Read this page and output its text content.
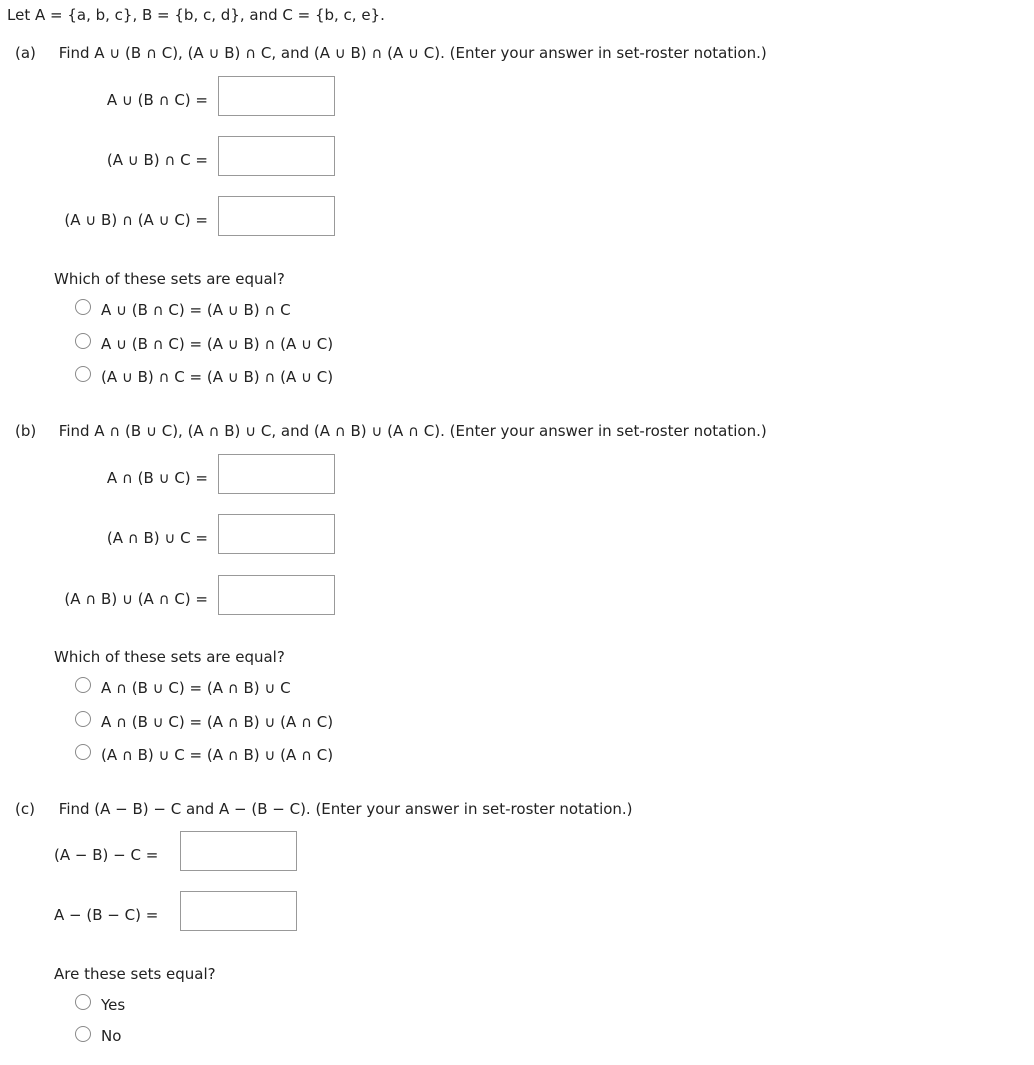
Let A = {a, b, c}, B = {b, c, d}, and C = {b, c, e}.
(a) Find A ∪ (B ∩ C), (A ∪ B) ∩ C, and (A ∪ B) ∩ (A ∪ C). (Enter your answer in set-roster notation.)
A ∪ (B ∩ C) =
(A ∪ B) ∩ C =
(A ∪ B) ∩ (A ∪ C) =
Which of these sets are equal?
A ∪ (B ∩ C) = (A ∪ B) ∩ C
A ∪ (B ∩ C) = (A ∪ B) ∩ (A ∪ C)
(A ∪ B) ∩ C = (A ∪ B) ∩ (A ∪ C)
(b) Find A ∩ (B ∪ C), (A ∩ B) ∪ C, and (A ∩ B) ∪ (A ∩ C). (Enter your answer in set-roster notation.)
A ∩ (B ∪ C) =
(A ∩ B) ∪ C =
(A ∩ B) ∪ (A ∩ C) =
Which of these sets are equal?
A ∩ (B ∪ C) = (A ∩ B) ∪ C
A ∩ (B ∪ C) = (A ∩ B) ∪ (A ∩ C)
(A ∩ B) ∪ C = (A ∩ B) ∪ (A ∩ C)
(c) Find (A − B) − C and A − (B − C). (Enter your answer in set-roster notation.)
(A − B) − C =
A − (B − C) =
Are these sets equal?
Yes
No
